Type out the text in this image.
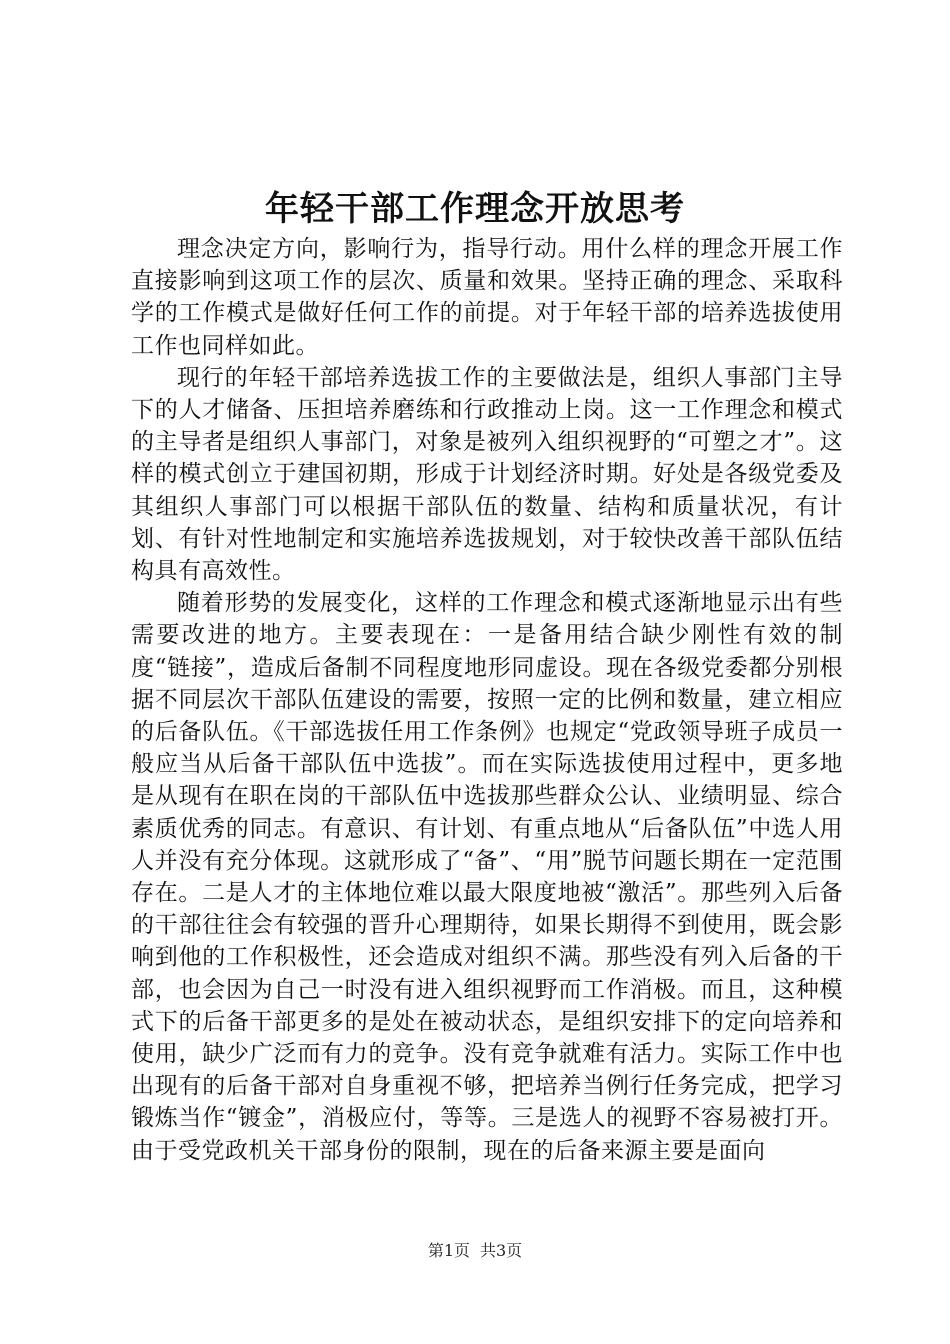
年轻干部工作理念开放思考

理念决定方向，影响行为，指导行动。用什么样的理念开展工作直接影响到这项工作的层次、质量和效果。坚持正确的理念、采取科学的工作模式是做好任何工作的前提。对于年轻干部的培养选拔使用工作也同样如此。

现行的年轻干部培养选拔工作的主要做法是，组织人事部门主导下的人才储备、压担培养磨练和行政推动上岗。这一工作理念和模式的主导者是组织人事部门，对象是被列入组织视野的“可塑之才”。这样的模式创立于建国初期，形成于计划经济时期。好处是各级党委及其组织人事部门可以根据干部队伍的数量、结构和质量状况，有计划、有针对性地制定和实施培养选拔规划，对于较快改善干部队伍结构具有高效性。

随着形势的发展变化，这样的工作理念和模式逐渐地显示出有些需要改进的地方。主要表现在：一是备用结合缺少刚性有效的制度“链接”，造成后备制不同程度地形同虚设。现在各级党委都分别根据不同层次干部队伍建设的需要，按照一定的比例和数量，建立相应的后备队伍。《干部选拔任用工作条例》也规定“党政领导班子成员一般应当从后备干部队伍中选拔”。而在实际选拔使用过程中，更多地是从现有在职在岗的干部队伍中选拔那些群众公认、业绩明显、综合素质优秀的同志。有意识、有计划、有重点地从“后备队伍”中选人用人并没有充分体现。这就形成了“备”、“用”脱节问题长期在一定范围存在。二是人才的主体地位难以最大限度地被“激活”。那些列入后备的干部往往会有较强的晋升心理期待，如果长期得不到使用，既会影响到他的工作积极性，还会造成对组织不满。那些没有列入后备的干部，也会因为自己一时没有进入组织视野而工作消极。而且，这种模式下的后备干部更多的是处在被动状态，是组织安排下的定向培养和使用，缺少广泛而有力的竞争。没有竞争就难有活力。实际工作中也出现有的后备干部对自身重视不够，把培养当例行任务完成，把学习锻炼当作“镀金”，消极应付，等等。三是选人的视野不容易被打开。由于受党政机关干部身份的限制，现在的后备来源主要是面向

第1页 共3页
